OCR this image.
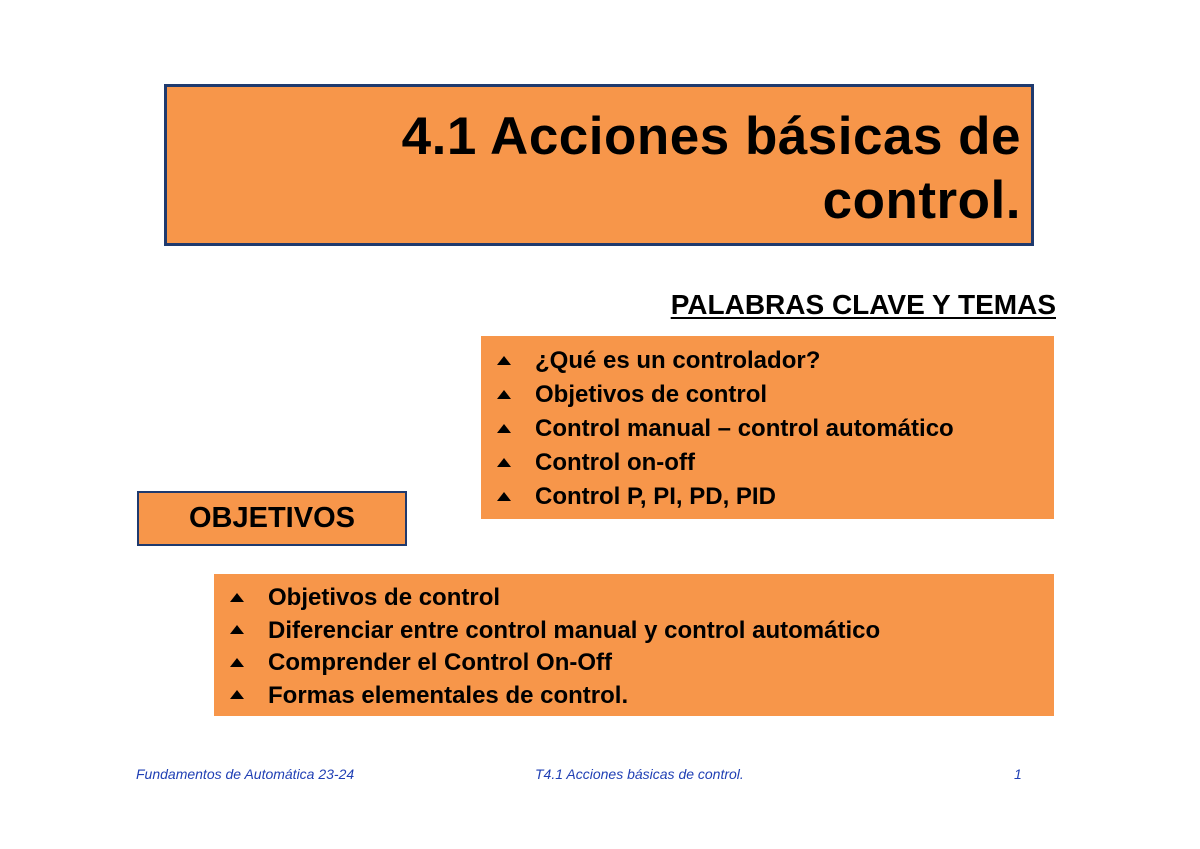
4.1 Acciones básicas de
control.
PALABRAS CLAVE Y TEMAS
¿Qué es un controlador?
Objetivos de control
Control manual – control automático
Control on-off
Control P, PI, PD, PID
OBJETIVOS
Objetivos de control
Diferenciar entre control manual y control automático
Comprender el Control On-Off
Formas elementales de control.
Fundamentos de Automática 23-24	T4.1 Acciones básicas de control.	1
